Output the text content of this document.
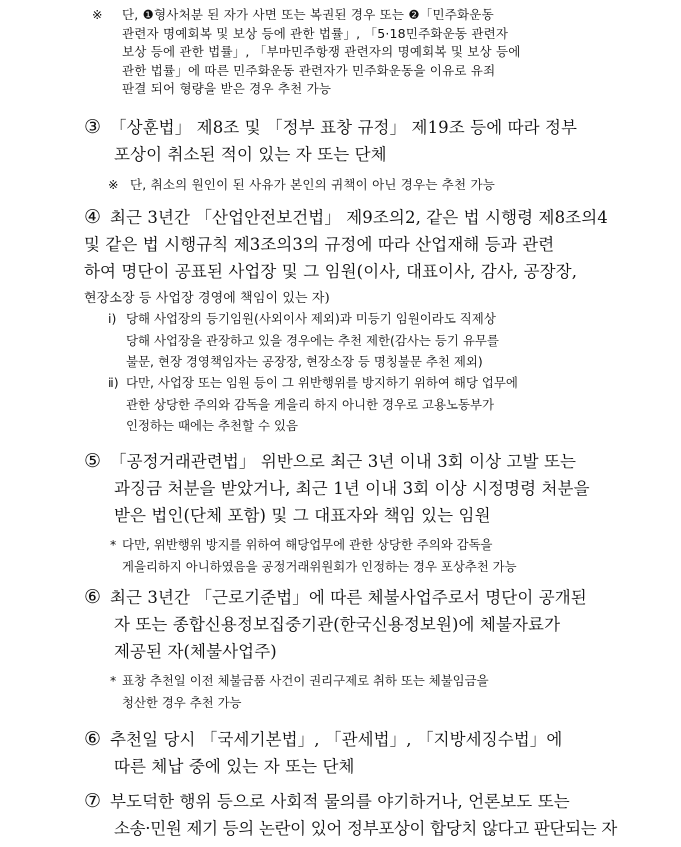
※ 단, ❶형사처분 된 자가 사면 또는 복권된 경우 또는 ❷「민주화운동
관련자 명예회복 및 보상 등에 관한 법률」, 「5·18민주화운동 관련자
보상 등에 관한 법률」, 「부마민주항쟁 관련자의 명예회복 및 보상 등에
관한 법률」에 따른 민주화운동 관련자가 민주화운동을 이유로 유죄
판결 되어 형량을 받은 경우 추천 가능
③ 「상훈법」 제8조 및 「정부 표창 규정」 제19조 등에 따라 정부
포상이 취소된 적이 있는 자 또는 단체
※ 단, 취소의 원인이 된 사유가 본인의 귀책이 아닌 경우는 추천 가능
④ 최근 3년간 「산업안전보건법」 제9조의2, 같은 법 시행령 제8조의4
및 같은 법 시행규칙 제3조의3의 규정에 따라 산업재해 등과 관련
하여 명단이 공표된 사업장 및 그 임원(이사, 대표이사, 감사, 공장장,
현장소장 등 사업장 경영에 책임이 있는 자)
ⅰ) 당해 사업장의 등기임원(사외이사 제외)과 미등기 임원이라도 직제상
당해 사업장을 관장하고 있을 경우에는 추천 제한(감사는 등기 유무를
불문, 현장 경영책임자는 공장장, 현장소장 등 명칭불문 추천 제외)
ⅱ) 다만, 사업장 또는 임원 등이 그 위반행위를 방지하기 위하여 해당 업무에
관한 상당한 주의와 감독을 게을리 하지 아니한 경우로 고용노동부가
인정하는 때에는 추천할 수 있음
⑤ 「공정거래관련법」 위반으로 최근 3년 이내 3회 이상 고발 또는
과징금 처분을 받았거나, 최근 1년 이내 3회 이상 시정명령 처분을
받은 법인(단체 포함) 및 그 대표자와 책임 있는 임원
* 다만, 위반행위 방지를 위하여 해당업무에 관한 상당한 주의와 감독을
게을리하지 아니하였음을 공정거래위원회가 인정하는 경우 포상추천 가능
⑥ 최근 3년간 「근로기준법」에 따른 체불사업주로서 명단이 공개된
자 또는 종합신용정보집중기관(한국신용정보원)에 체불자료가
제공된 자(체불사업주)
* 표창 추천일 이전 체불금품 사건이 권리구제로 취하 또는 체불임금을
청산한 경우 추천 가능
⑥ 추천일 당시 「국세기본법」, 「관세법」, 「지방세징수법」에
따른 체납 중에 있는 자 또는 단체
⑦ 부도덕한 행위 등으로 사회적 물의를 야기하거나, 언론보도 또는
소송·민원 제기 등의 논란이 있어 정부포상이 합당치 않다고 판단되는 자
